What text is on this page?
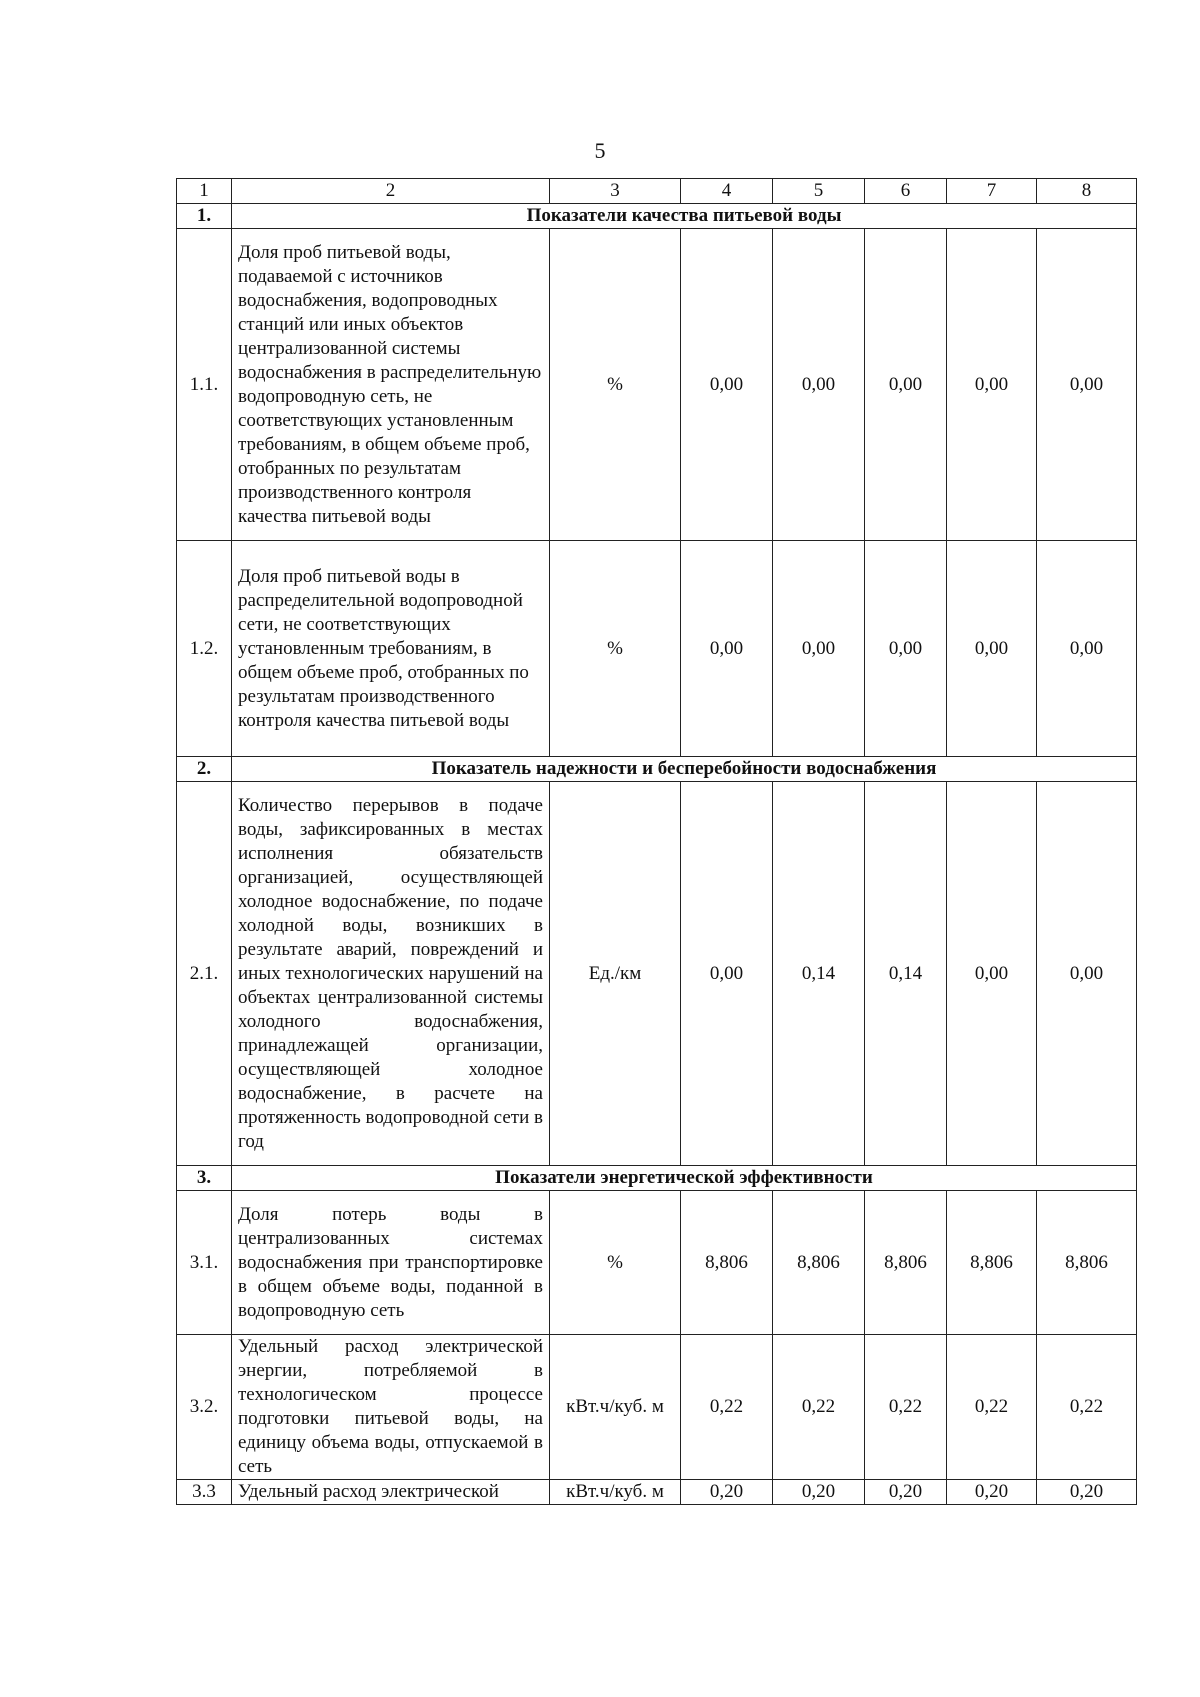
5
1	2	3	4	5	6	7	8
1.	Показатели качества питьевой воды						
1.1.	Доля проб питьевой воды, подаваемой с источников водоснабжения, водопроводных станций или иных объектов централизованной системы водоснабжения в распределительную водопроводную сеть, не соответствующих установленным требованиям, в общем объеме проб, отобранных по результатам производственного контроля качества питьевой воды	%	0,00	0,00	0,00	0,00	0,00
1.2.	Доля проб питьевой воды в распределительной водопроводной сети, не соответствующих установленным требованиям, в общем объеме проб, отобранных по результатам производственного контроля качества питьевой воды	%	0,00	0,00	0,00	0,00	0,00
2.	Показатель надежности и бесперебойности водоснабжения						
2.1.	Количество перерывов в подаче воды, зафиксированных в местах исполнения обязательств организацией, осуществляющей холодное водоснабжение, по подаче холодной воды, возникших в результате аварий, повреждений и иных технологических нарушений на объектах централизованной системы холодного водоснабжения, принадлежащей организации, осуществляющей холодное водоснабжение, в расчете на протяженность водопроводной сети в год	Ед./км	0,00	0,14	0,14	0,00	0,00
3.	Показатели энергетической эффективности						
3.1.	Доля потерь воды в централизованных системах водоснабжения при транспортировке в общем объеме воды, поданной в водопроводную сеть	%	8,806	8,806	8,806	8,806	8,806
3.2.	Удельный расход электрической энергии, потребляемой в технологическом процессе подготовки питьевой воды, на единицу объема воды, отпускаемой в сеть	кВт.ч/куб. м	0,22	0,22	0,22	0,22	0,22
3.3	Удельный расход электрической	кВт.ч/куб. м	0,20	0,20	0,20	0,20	0,20
